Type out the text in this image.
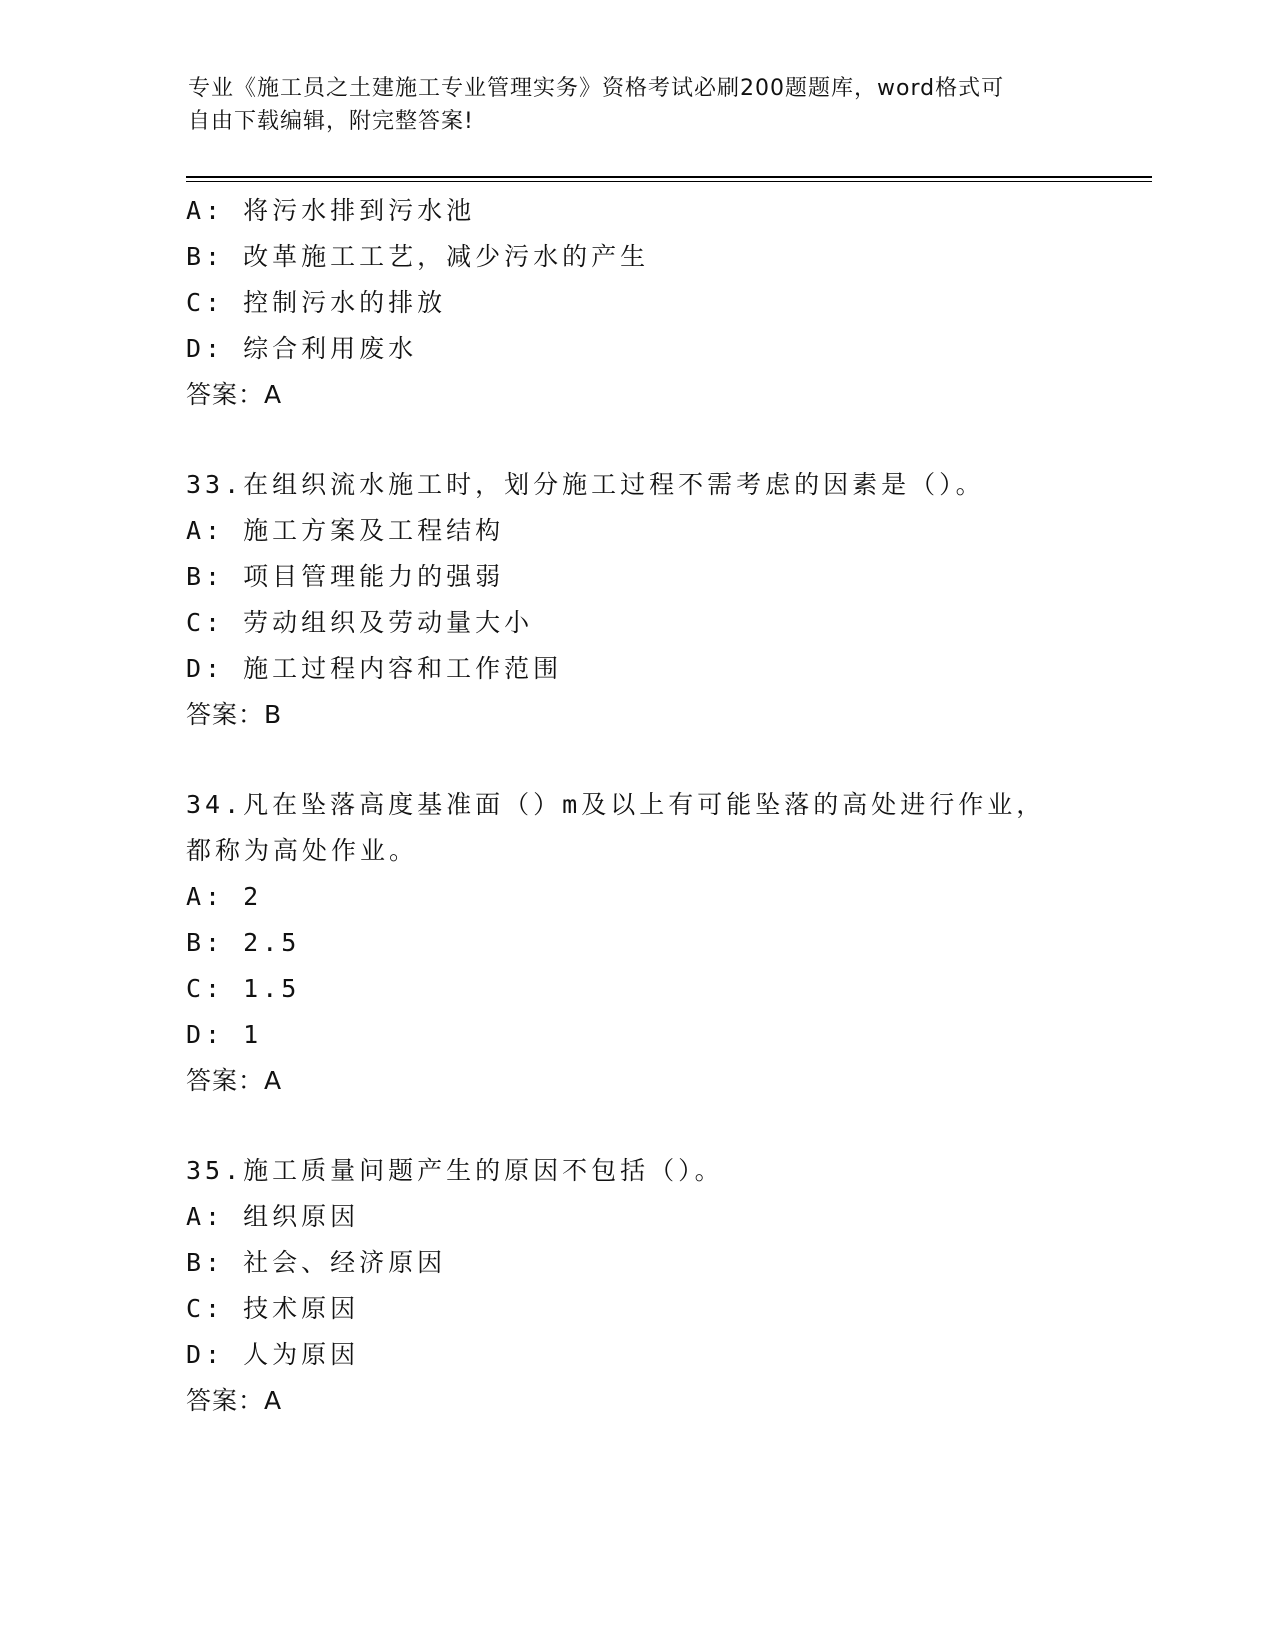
专业《施工员之土建施工专业管理实务》资格考试必刷200题题库，word格式可
自由下载编辑，附完整答案!
A: 将污水排到污水池
B: 改革施工工艺，减少污水的产生
C: 控制污水的排放
D: 综合利用废水
答案：A
33.在组织流水施工时，划分施工过程不需考虑的因素是（）。
A: 施工方案及工程结构
B: 项目管理能力的强弱
C: 劳动组织及劳动量大小
D: 施工过程内容和工作范围
答案：B
34.凡在坠落高度基准面（）m及以上有可能坠落的高处进行作业，都称为高处作业。
A: 2
B: 2.5
C: 1.5
D: 1
答案：A
35.施工质量问题产生的原因不包括（）。
A: 组织原因
B: 社会、经济原因
C: 技术原因
D: 人为原因
答案：A
